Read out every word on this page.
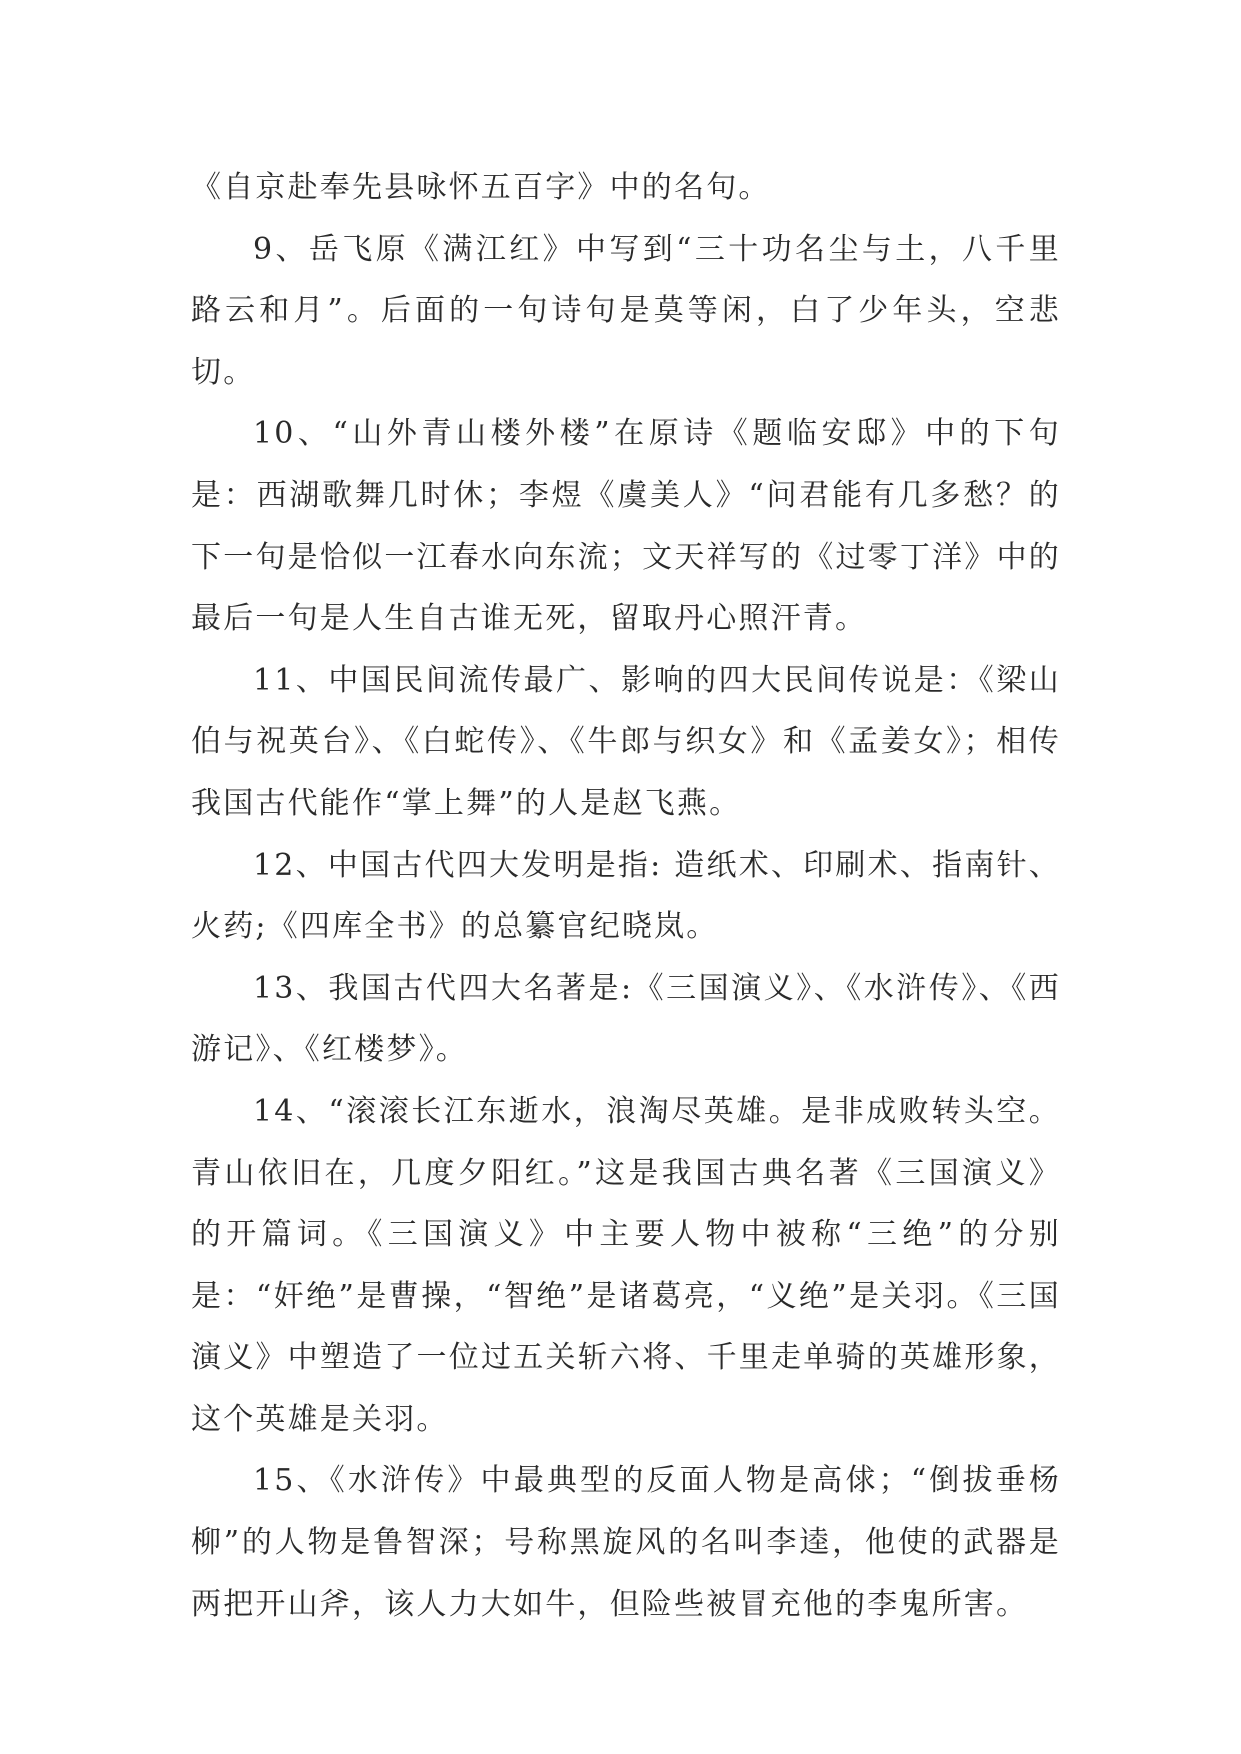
《自京赴奉先县咏怀五百字》中的名句。

9、岳飞原《满江红》中写到“三十功名尘与土，八千里路云和月”。后面的一句诗句是莫等闲，白了少年头，空悲切。

10、“山外青山楼外楼”在原诗《题临安邸》中的下句是：西湖歌舞几时休；李煜《虞美人》“问君能有几多愁？的下一句是恰似一江春水向东流；文天祥写的《过零丁洋》中的最后一句是人生自古谁无死，留取丹心照汗青。

11、中国民间流传最广、影响的四大民间传说是：《梁山伯与祝英台》、《白蛇传》、《牛郎与织女》和《孟姜女》；相传我国古代能作“掌上舞”的人是赵飞燕。

12、中国古代四大发明是指: 造纸术、印刷术、指南针、火药;《四库全书》的总纂官纪晓岚。

13、我国古代四大名著是:《三国演义》、《水浒传》、《西游记》、《红楼梦》。

14、“滚滚长江东逝水，浪淘尽英雄。是非成败转头空。青山依旧在，几度夕阳红。”这是我国古典名著《三国演义》的开篇词。《三国演义》中主要人物中被称“三绝”的分别是：“奸绝”是曹操，“智绝”是诸葛亮，“义绝”是关羽。《三国演义》中塑造了一位过五关斩六将、千里走单骑的英雄形象，这个英雄是关羽。

15、《水浒传》中最典型的反面人物是高俅；“倒拔垂杨柳”的人物是鲁智深；号称黑旋风的名叫李逵，他使的武器是两把开山斧，该人力大如牛，但险些被冒充他的李鬼所害。
